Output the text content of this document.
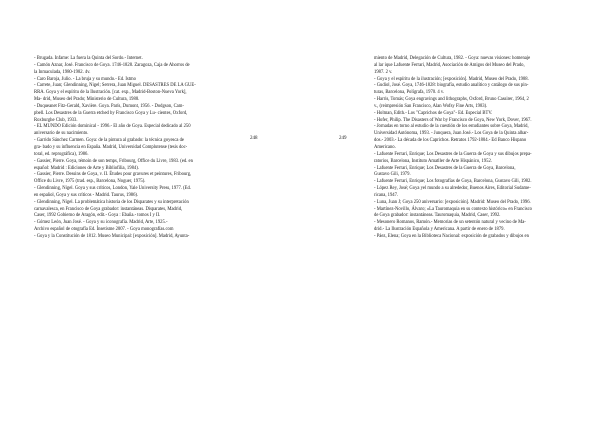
- Brugada. Infame: La fuera la Quinta del Sordo.- Internet.

- Camón Aznar, José. Francisco de Goya. 1746-1828. Zaragoza, Caja de Ahorros de

la Inmaculada, 1980-1982. 4v.

- Caro Baroja, Julio. - La bruja y su mundo.- Ed. Istmo

- Carrete, Juan; Glendinning, Nigel; Serrera, Juan Miguel. DESASTRES DE LA GUE-

RRA. Goya y el espíritu de la Ilustración. [cat. exp., Madrid-Boston-Nueva York],

Ma- drid, Museo del Prado; Ministerio de Cultura, 1988.

- Duqueanet Fitz-Gerald, Xavière. Goya. París, Dumont, 1956. - Dodgson, Cam-

pbell. Los Desastres de la Guerra etched by Francisco Goya y Lu- cientes, Oxford,

Roxburghe Club, 1933.

- EL MUNDO Edición dominical - 1996.- El año de Goya. Especial dedicado al 250

aniversario de su nacimiento.

- Garrido Sánchez Carmen. Goya: de la pintura al grabado: la técnica goyesca de

gra- bado y su influencia en España. Madrid, Universidad Complutense (tesis doc-

toral, ed. reprográfica), 1986.

- Gassier, Pierre. Goya, témoin de son temps, Fribourg, Office du Livre, 1983. (ed. en

español: Madrid : Ediciones de Arte y Bibliofilia, 1984).

- Gassier, Pierre. Dessins de Goya, v. II. Études pour gravures et peintures, Fribourg,

Office du Livre, 1975 (trad. esp., Barcelona, Noguer, 1975).

- Glendinning, Nigel. Goya y sus críticos, London, Yale University Press, 1977. (Ed.

en español, Goya y sus críticos - Madrid. Taurus, 1986).

- Glendinning, Nigel. La problemática historia de los Disparates y su interpretación

carnavalesca, en Francisco de Goya grabador: instantáneas. Disparates, Madrid,

Caser, 1992 Gobierno de Aragón, edit.- Goya : Ebaña.- tomos I y II.

- Gómez León, Juan José. - Goya y su iconografía. Madrid, Arte, 1925.-

Archivo español de otografía Ed. Ínsetisme 2007. - Goya monografías.com

- Goya y la Constitución de 1812. Museo Municipal: [exposición]. Madrid, Ayunta-

248	249

miento de Madrid, Delegación de Cultura, 1982. - Goya: nuevas visiones: homenaje

al lar ique Lafuente Ferrari, Madrid, Asociación de Amigos del Museo del Prado,

1987. 2 v.

- Goya y el espíritu de la ilustración; [exposición]. Madrid, Museo del Prado, 1988.

- Gudiol, José. Goya, 1746-1828: biografía, estudio analítico y catálogo de sus pin-

turas, Barcelona, Polígrafa, 1970. 4 v.

- Harris, Tomás; Goya engravings and lithographs, Oxford, Bruno Cassirer, 1964, 2

v., (reimpresión San Francisco, Alan Wofsy Fine Arts, 1983).

- Holman, Edith.- Los "Caprichos de Goya"- Ed. Especial BTV.

- Hofer, Philip. The Disasters of War by Francisco de Goya, New York, Dover, 1967.

- Jornadas en torno al estudio de la cuestión de los estudiantes sobre Goya, Madrid,

Universidad Autónoma, 1993. - Junquera, Juan José.- Los Goya de la Quinta alhar-

dos.- 2003.- La década de los Caprichos. Retratos 1792-1804.- Ed Banco Hispano

Americano.

- Lafuente Ferrari, Enrique; Los Desastres de la Guerra de Goya y sus dibujos prepa-

ratorios, Barcelona, Instituto Amatller de Arte Hispánico, 1952.

- Lafuente Ferrari, Enrique; Los Desastres de la Guerra de Goya, Barcelona,

Gustavo Gili, 1979.

- Lafuente Ferrari, Enrique; Los fotografías de Goya, Barcelona, Gustavo Gili, 1982.

- López Rey, José; Goya yel mundo a su alrededor, Buenos Aires, Editorial Sudame-

ricana, 1947.

- Luna, Juan J; Goya 250 aniversario: [exposición]. Madrid: Museo del Prado, 1996.

- Martínez-Novillo, Álvaro; «La Tauromaquia en su contexto histórico» en Francisco

de Goya grabador: instantáneas. Tauromaquia, Madrid, Caser, 1992.

- Mesonero Romanos, Ramón.- Memorias de un setentón natural y vecino de Ma-

drid.- La Ilustración Española y Americana. A partir de enero de 1879.

- Páez, Elena; Goya en la Biblioteca Nacional: exposición de grabados y dibujos en
